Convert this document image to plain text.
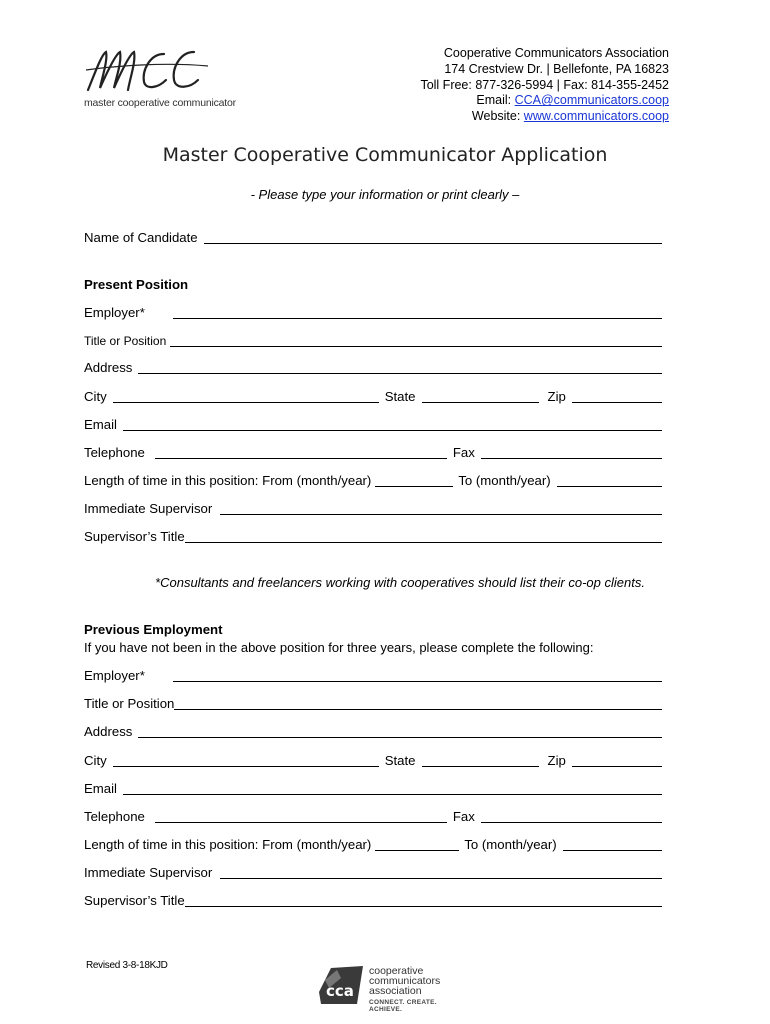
master cooperative communicator
Cooperative Communicators Association
174 Crestview Dr. | Bellefonte, PA 16823
Toll Free: 877-326-5994 | Fax: 814-355-2452
Email: CCA@communicators.coop
Website: www.communicators.coop
Master Cooperative Communicator Application
- Please type your information or print clearly –
Name of Candidate
Present Position
Employer*
Title or Position
Address
City	State	Zip
Email
Telephone	Fax
Length of time in this position: From (month/year)	To (month/year)
Immediate Supervisor
Supervisor’s Title
*Consultants and freelancers working with cooperatives should list their co-op clients.
Previous Employment
If you have not been in the above position for three years, please complete the following:
Employer*
Title or Position
Address
City	State	Zip
Email
Telephone	Fax
Length of time in this position: From (month/year)	To (month/year)
Immediate Supervisor
Supervisor’s Title
Revised 3-8-18KJD
cca
cooperative
communicators
association
CONNECT. CREATE. ACHIEVE.
